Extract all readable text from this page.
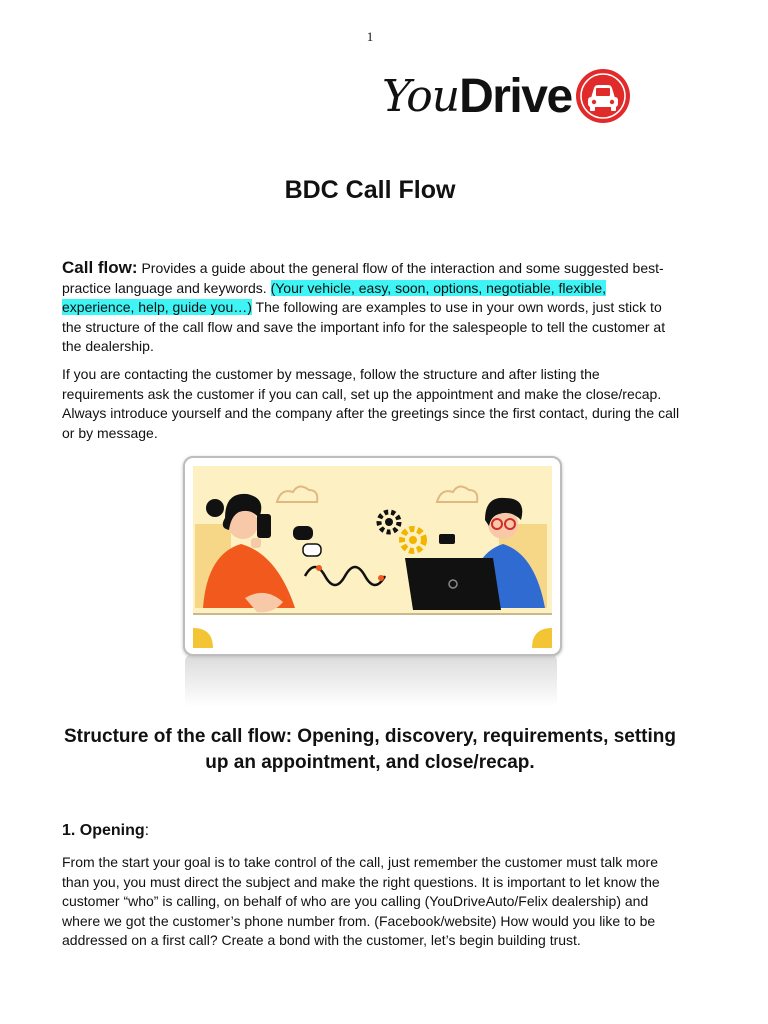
1
You Drive
BDC Call Flow

Call flow: Provides a guide about the general flow of the interaction and some suggested best-practice language and keywords. (Your vehicle, easy, soon, options, negotiable, flexible, experience, help, guide you…) The following are examples to use in your own words, just stick to the structure of the call flow and save the important info for the salespeople to tell the customer at the dealership.

If you are contacting the customer by message, follow the structure and after listing the requirements ask the customer if you can call, set up the appointment and make the close/recap. Always introduce yourself and the company after the greetings since the first contact, during the call or by message.

Structure of the call flow: Opening, discovery, requirements, setting up an appointment, and close/recap.

1. Opening:

From the start your goal is to take control of the call, just remember the customer must talk more than you, you must direct the subject and make the right questions. It is important to let know the customer “who” is calling, on behalf of who are you calling (YouDriveAuto/Felix dealership) and where we got the customer’s phone number from. (Facebook/website) How would you like to be addressed on a first call? Create a bond with the customer, let’s begin building trust.
